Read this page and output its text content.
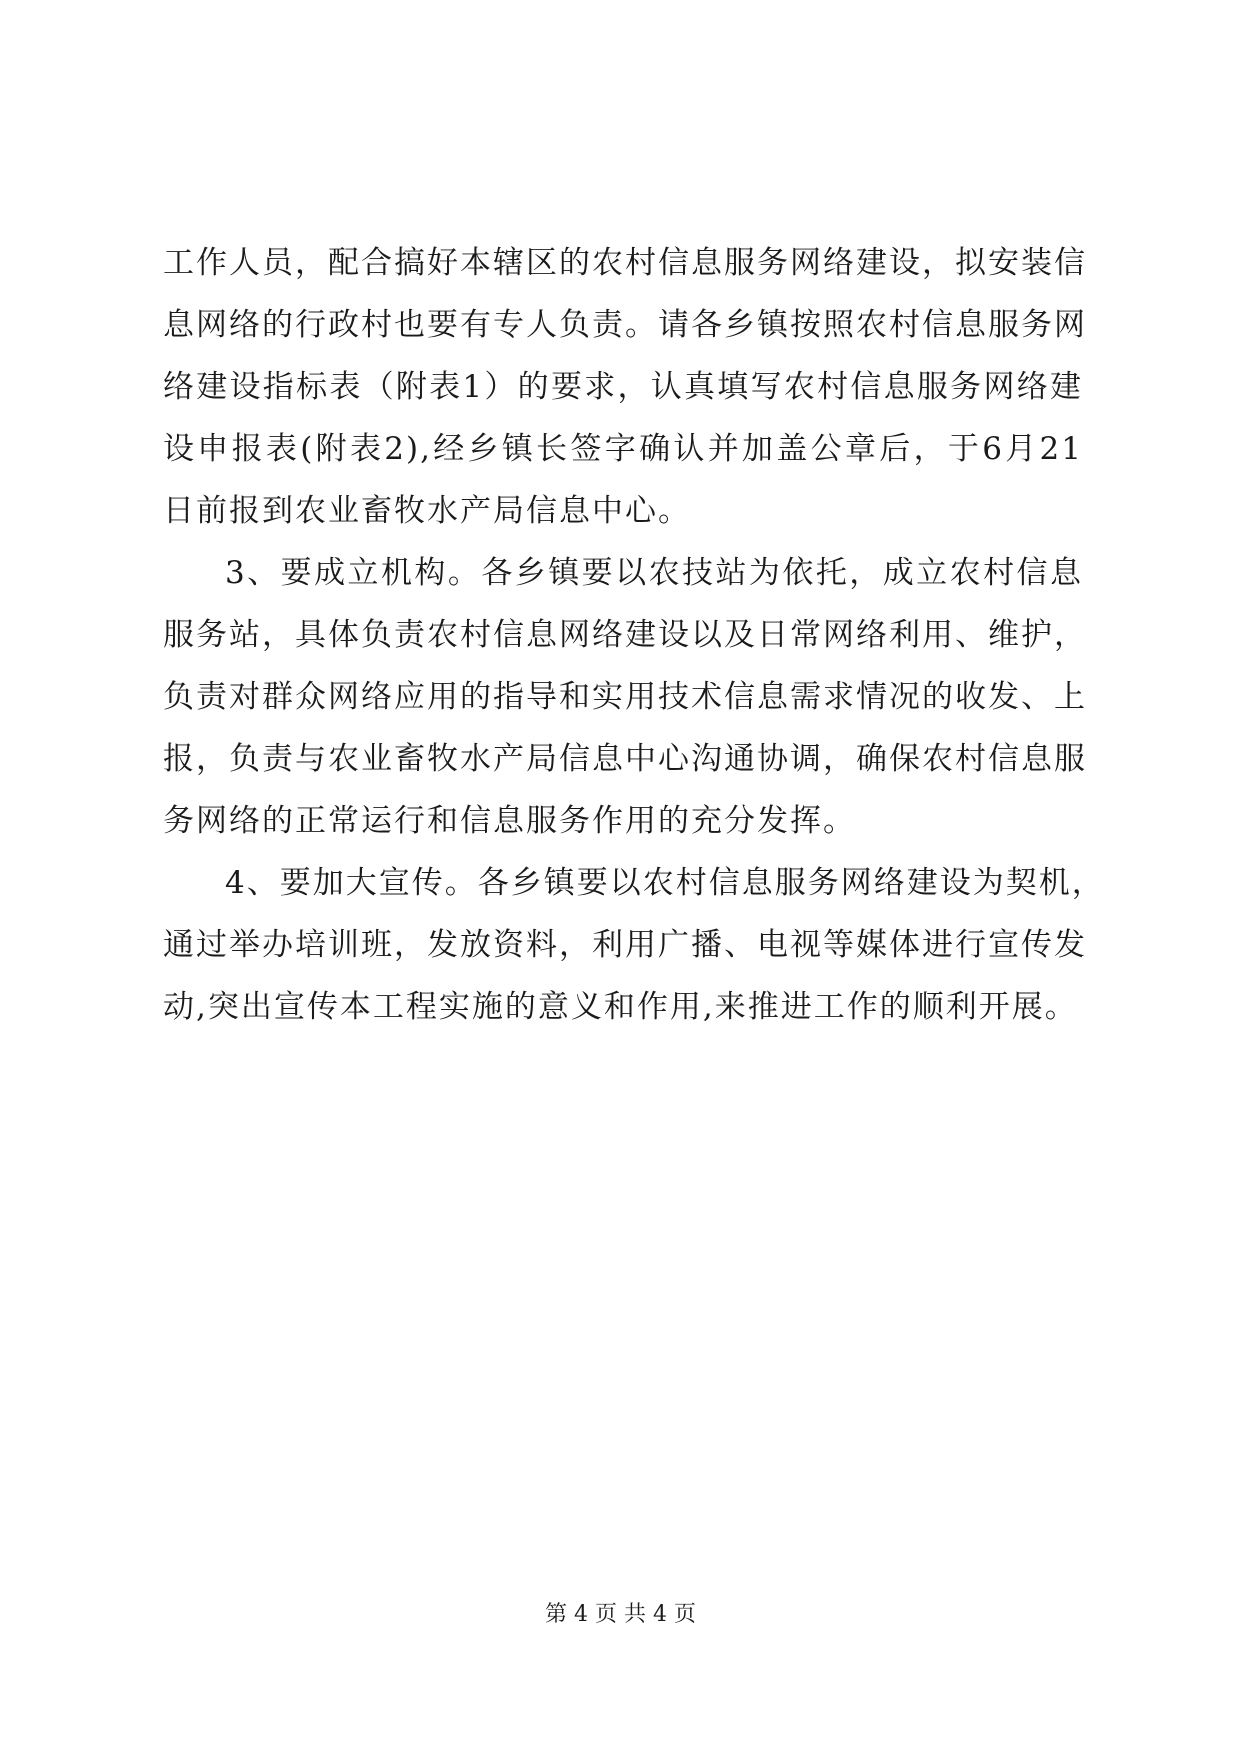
工作人员，配合搞好本辖区的农村信息服务网络建设，拟安装信
息网络的行政村也要有专人负责。请各乡镇按照农村信息服务网
络建设指标表（附表1）的要求，认真填写农村信息服务网络建
设申报表(附表2),经乡镇长签字确认并加盖公章后，于6月21
日前报到农业畜牧水产局信息中心。
3、要成立机构。各乡镇要以农技站为依托，成立农村信息
服务站，具体负责农村信息网络建设以及日常网络利用、维护，
负责对群众网络应用的指导和实用技术信息需求情况的收发、上
报，负责与农业畜牧水产局信息中心沟通协调，确保农村信息服
务网络的正常运行和信息服务作用的充分发挥。
4、要加大宣传。各乡镇要以农村信息服务网络建设为契机，
通过举办培训班，发放资料，利用广播、电视等媒体进行宣传发
动,突出宣传本工程实施的意义和作用,来推进工作的顺利开展。
第 4 页 共 4 页
